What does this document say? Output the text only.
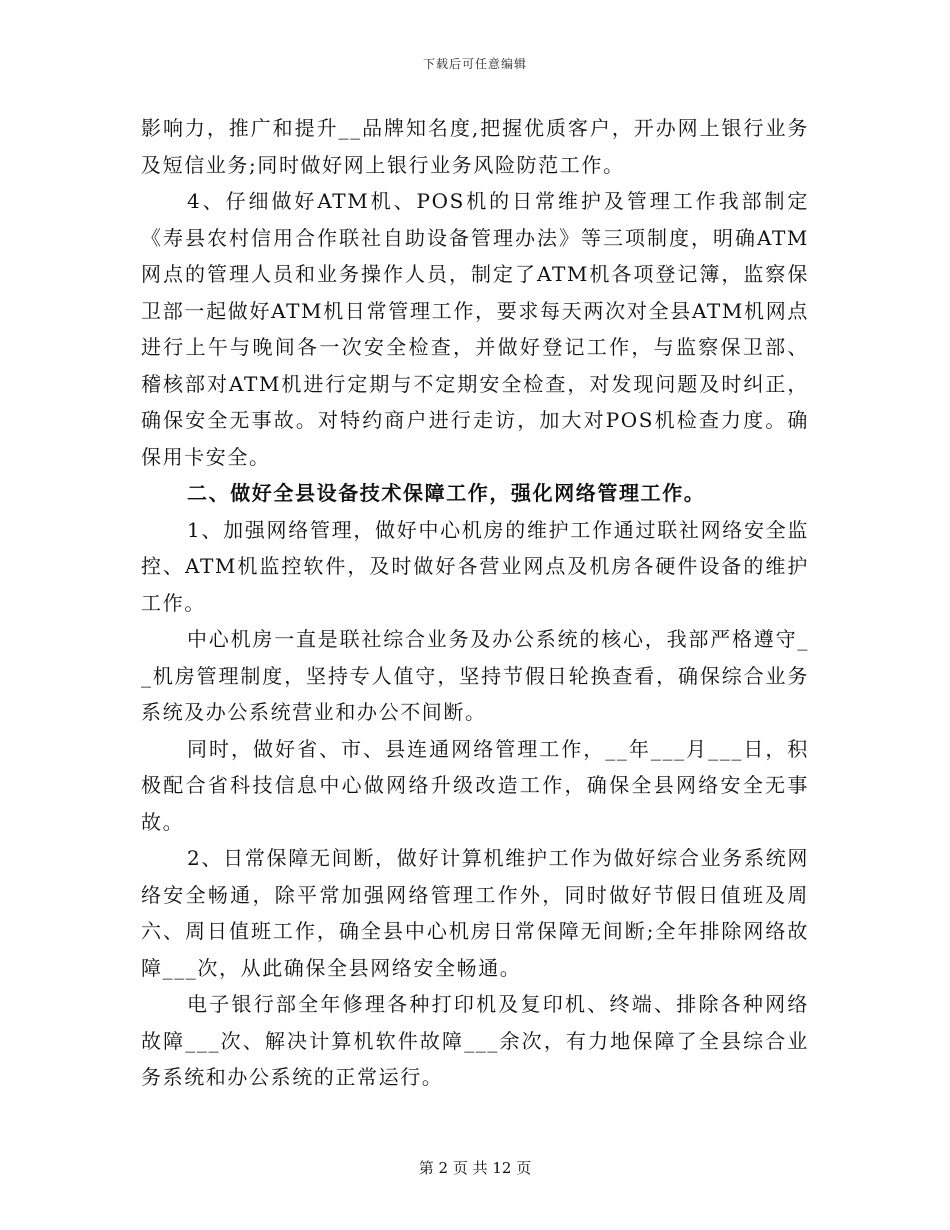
下载后可任意编辑

影响力，推广和提升__品牌知名度,把握优质客户，开办网上银行业务及短信业务;同时做好网上银行业务风险防范工作。

4、仔细做好ATM机、POS机的日常维护及管理工作我部制定《寿县农村信用合作联社自助设备管理办法》等三项制度，明确ATM网点的管理人员和业务操作人员，制定了ATM机各项登记簿，监察保卫部一起做好ATM机日常管理工作，要求每天两次对全县ATM机网点进行上午与晚间各一次安全检查，并做好登记工作，与监察保卫部、稽核部对ATM机进行定期与不定期安全检查，对发现问题及时纠正，确保安全无事故。对特约商户进行走访，加大对POS机检查力度。确保用卡安全。

二、做好全县设备技术保障工作，强化网络管理工作。

1、加强网络管理，做好中心机房的维护工作通过联社网络安全监控、ATM机监控软件，及时做好各营业网点及机房各硬件设备的维护工作。

中心机房一直是联社综合业务及办公系统的核心，我部严格遵守__机房管理制度，坚持专人值守，坚持节假日轮换查看，确保综合业务系统及办公系统营业和办公不间断。

同时，做好省、市、县连通网络管理工作，__年___月___日，积极配合省科技信息中心做网络升级改造工作，确保全县网络安全无事故。

2、日常保障无间断，做好计算机维护工作为做好综合业务系统网络安全畅通，除平常加强网络管理工作外，同时做好节假日值班及周六、周日值班工作，确全县中心机房日常保障无间断;全年排除网络故障___次，从此确保全县网络安全畅通。

电子银行部全年修理各种打印机及复印机、终端、排除各种网络故障___次、解决计算机软件故障___余次，有力地保障了全县综合业务系统和办公系统的正常运行。

第 2 页 共 12 页
